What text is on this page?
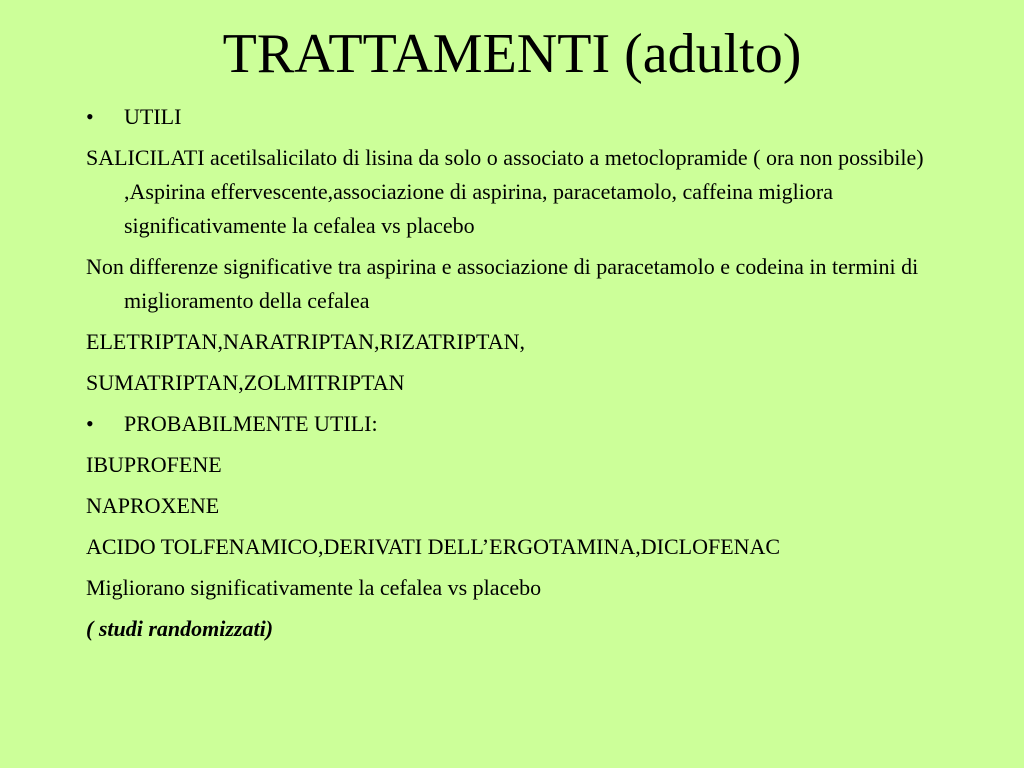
TRATTAMENTI (adulto)
•	UTILI

SALICILATI acetilsalicilato di lisina da solo o associato a metoclopramide ( ora non possibile) ,Aspirina effervescente,associazione di aspirina, paracetamolo, caffeina migliora significativamente la cefalea vs placebo

Non differenze significative tra aspirina e associazione di paracetamolo e codeina in termini di miglioramento della cefalea

ELETRIPTAN,NARATRIPTAN,RIZATRIPTAN,

SUMATRIPTAN,ZOLMITRIPTAN

•	PROBABILMENTE UTILI:

IBUPROFENE

NAPROXENE

ACIDO TOLFENAMICO,DERIVATI DELL’ERGOTAMINA,DICLOFENAC

Migliorano significativamente la cefalea vs placebo

( studi randomizzati)
